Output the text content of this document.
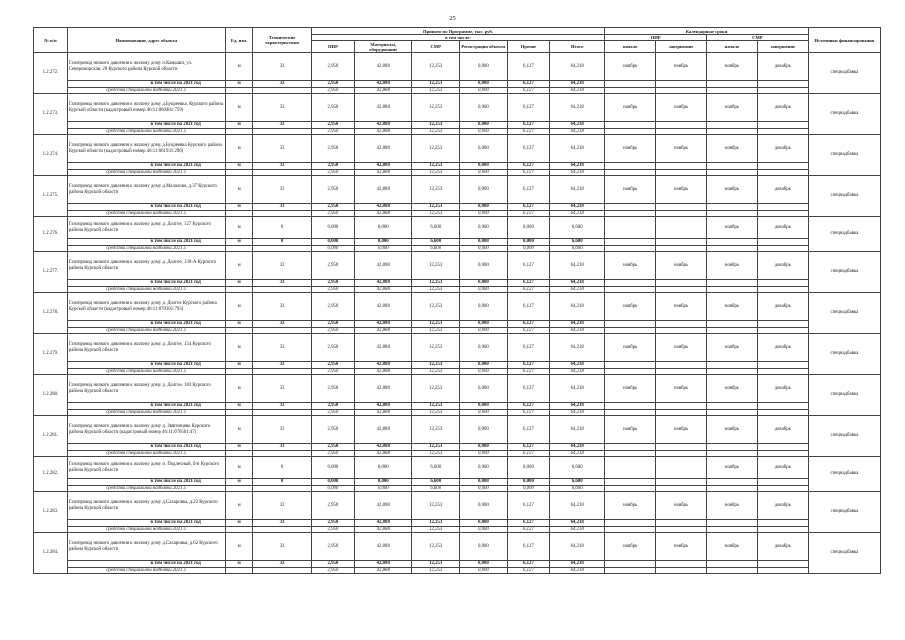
25
№ п/п	Наименование, адрес объекта	Ед. изм.	Технические характеристики	Принято по Программе, тыс. руб.						Календарные сроки				Источники финансирования
				в том числе:						ПИР		СМР		
				ПИР	Материалы, оборудование	СМР	Регистрация объекта	Прочие	Итого	начало	завершение	начало	завершение	
1.2.272.	Газопровод низкого давления к жилому дому п.Камыши, ул. Североморская, 28 Курского района Курской области	м	33	2,950	42,888	12,253	0,000	6,127	64,218	ноябрь	ноябрь	ноябрь	декабрь	спецнадбавка
	в том числе на 2021 год	м	33	2,950	42,888	12,253	0,000	6,127	64,218					
	средства специальной надбавки 2021 г.			2,950	42,888	12,253	0,000	6,127	64,218					
1.2.273.	Газопровод низкого давления к жилому дому д.Букреевка, Курского района Курской области (кадастровый номер 46:11:060401:759)	м	33	2,950	42,888	12,253	0,000	6,127	64,218	ноябрь	ноябрь	ноябрь	декабрь	спецнадбавка
	в том числе на 2021 год	м	33	2,950	42,888	12,253	0,000	6,127	64,218					
	средства специальной надбавки 2021 г.			2,950	42,888	12,253	0,000	6,127	64,218					
1.2.274.	Газопровод низкого давления к жилому дому д.Букреевка Курского района Курской области (кадастровый номер 46:11:061931:290)	м	33	2,950	42,888	12,253	0,000	6,127	64,218	ноябрь	ноябрь	ноябрь	декабрь	спецнадбавка
	в том числе на 2021 год	м	33	2,950	42,888	12,253	0,000	6,127	64,218					
	средства специальной надбавки 2021 г.			2,950	42,888	12,253	0,000	6,127	64,218					
1.2.275.	Газопровод низкого давления к жилому дому д.Малахово, д.37 Курского района Курской области	м	33	2,950	42,888	12,253	0,000	6,127	64,218	ноябрь	ноябрь	ноябрь	декабрь	спецнадбавка
	в том числе на 2021 год	м	33	2,950	42,888	12,253	0,000	6,127	64,218					
	средства специальной надбавки 2021 г.			2,950	42,888	12,253	0,000	6,127	64,218					
1.2.276.	Газопровод низкого давления к жилому дому д. Долгое, 127 Курского района Курской области	м	0	0,000	0,000	6,600	0,000	0,000	6,600			ноябрь	декабрь	спецнадбавка
	в том числе на 2021 год	м	0	0,000	0,000	6,600	0,000	0,000	6,600					
	средства специальной надбавки 2021 г.			0,000	0,000	6,600	0,000	0,000	6,600					
1.2.277.	Газопровод низкого давления к жилому дому д. Долгое, 130-А Курского района Курской области	м	33	2,950	42,888	12,253	0,000	6,127	64,218	ноябрь	ноябрь	ноябрь	декабрь	спецнадбавка
	в том числе на 2021 год	м	33	2,950	42,888	12,253	0,000	6,127	64,218					
	средства специальной надбавки 2021 г.			2,950	42,888	12,253	0,000	6,127	64,218					
1.2.278.	Газопровод низкого давления к жилому дому д. Долгое Курского района Курской области (кадастровый номер 46:11:070301:793)	м	33	2,950	42,888	12,253	0,000	6,127	64,218	ноябрь	ноябрь	ноябрь	декабрь	спецнадбавка
	в том числе на 2021 год	м	33	2,950	42,888	12,253	0,000	6,127	64,218					
	средства специальной надбавки 2021 г.			2,950	42,888	12,253	0,000	6,127	64,218					
1.2.279.	Газопровод низкого давления к жилому дому д. Долгое, 154 Курского района Курской области	м	33	2,950	42,888	12,253	0,000	6,127	64,218	ноябрь	ноябрь	ноябрь	декабрь	спецнадбавка
	в том числе на 2021 год	м	33	2,950	42,888	12,253	0,000	6,127	64,218					
	средства специальной надбавки 2021 г.			2,950	42,888	12,253	0,000	6,127	64,218					
1.2.280.	Газопровод низкого давления к жилому дому д. Долгое, 183 Курского района Курской области	м	33	2,950	42,888	12,253	0,000	6,127	64,218	ноябрь	ноябрь	ноябрь	декабрь	спецнадбавка
	в том числе на 2021 год	м	33	2,950	42,888	12,253	0,000	6,127	64,218					
	средства специальной надбавки 2021 г.			2,950	42,888	12,253	0,000	6,127	64,218					
1.2.281.	Газопровод низкого давления к жилому дому д. Звягинцево Курского района Курской области (кадастровый номер 46:11:070501:47)	м	33	2,950	42,888	12,253	0,000	6,127	64,218	ноябрь	ноябрь	ноябрь	декабрь	спецнадбавка
	в том числе на 2021 год	м	33	2,950	42,888	12,253	0,000	6,127	64,218					
	средства специальной надбавки 2021 г.			2,950	42,888	12,253	0,000	6,127	64,218					
1.2.282.	Газопровод низкого давления к жилому дому п. Подлесный, б/н Курского района Курской области	м	0	0,000	0,000	6,600	0,000	0,000	6,600			ноябрь	декабрь	спецнадбавка
	в том числе на 2021 год	м	0	0,000	0,000	6,600	0,000	0,000	6,600					
	средства специальной надбавки 2021 г.			0,000	0,000	6,600	0,000	0,000	6,600					
1.2.283.	Газопровод низкого давления к жилому дому д.Сахаровка, д.22 Курского района Курской области	м	33	2,950	42,888	12,253	0,000	6,127	64,218	ноябрь	ноябрь	ноябрь	декабрь	спецнадбавка
	в том числе на 2021 год	м	33	2,950	42,888	12,253	0,000	6,127	64,218					
	средства специальной надбавки 2021 г.			2,950	42,888	12,253	0,000	6,127	64,218					
1.2.284.	Газопровод низкого давления к жилому дому д.Сахаровка, д.62 Курского района Курской области	м	33	2,950	42,888	12,253	0,000	6,127	64,218	ноябрь	ноябрь	ноябрь	декабрь	спецнадбавка
	в том числе на 2021 год	м	33	2,950	42,888	12,253	0,000	6,127	64,218					
	средства специальной надбавки 2021 г.			2,950	42,888	12,253	0,000	6,127	64,218					
